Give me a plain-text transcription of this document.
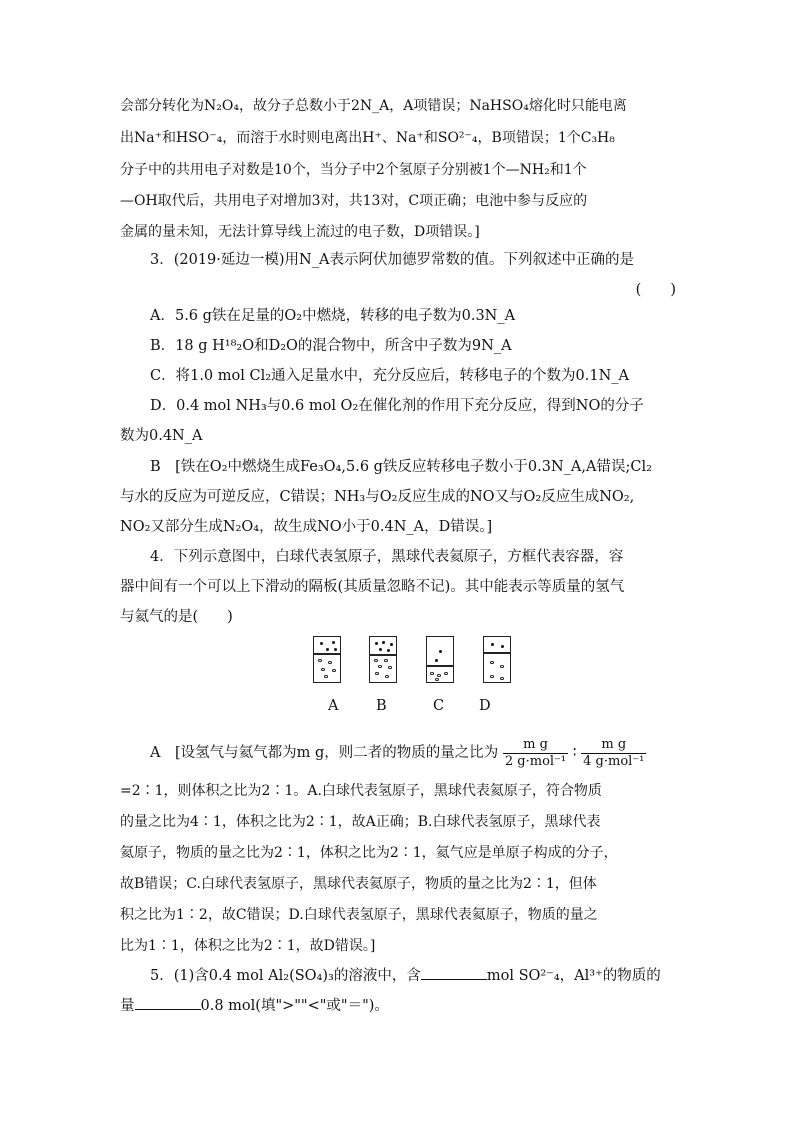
会部分转化为N₂O₄，故分子总数小于2N_A，A项错误；NaHSO₄熔化时只能电离
出Na⁺和HSO⁻₄，而溶于水时则电离出H⁺、Na⁺和SO²⁻₄，B项错误；1个C₃H₈
分子中的共用电子对数是10个，当分子中2个氢原子分别被1个—NH₂和1个
—OH取代后，共用电子对增加3对，共13对，C项正确；电池中参与反应的
金属的量未知，无法计算导线上流过的电子数，D项错误。]
3．(2019·延边一模)用N_A表示阿伏加德罗常数的值。下列叙述中正确的是
(　　)
A．5.6 g铁在足量的O₂中燃烧，转移的电子数为0.3N_A
B．18 g H¹⁸₂O和D₂O的混合物中，所含中子数为9N_A
C．将1.0 mol Cl₂通入足量水中，充分反应后，转移电子的个数为0.1N_A
D．0.4 mol NH₃与0.6 mol O₂在催化剂的作用下充分反应，得到NO的分子
数为0.4N_A
B　[铁在O₂中燃烧生成Fe₃O₄,5.6 g铁反应转移电子数小于0.3N_A,A错误;Cl₂
与水的反应为可逆反应，C错误；NH₃与O₂反应生成的NO又与O₂反应生成NO₂,
NO₂又部分生成N₂O₄，故生成NO小于0.4N_A，D错误。]
4．下列示意图中，白球代表氢原子，黑球代表氦原子，方框代表容器，容
器中间有一个可以上下滑动的隔板(其质量忽略不记)。其中能表示等质量的氢气
与氦气的是(　　)
A	B	C D
A　[设氢气与氦气都为m g，则二者的物质的量之比为 $\frac{\text{m g}}{\text{2 g·mol⁻¹}}$ ∶ $\frac{\text{m g}}{\text{4 g·mol⁻¹}}$
=2∶1，则体积之比为2∶1。A.白球代表氢原子，黑球代表氦原子，符合物质
的量之比为4∶1，体积之比为2∶1，故A正确；B.白球代表氢原子，黑球代表
氦原子，物质的量之比为2∶1，体积之比为2∶1，氦气应是单原子构成的分子，
故B错误；C.白球代表氢原子，黑球代表氦原子，物质的量之比为2∶1，但体
积之比为1∶2，故C错误；D.白球代表氢原子，黑球代表氦原子，物质的量之
比为1∶1，体积之比为2∶1，故D错误。]
5．(1)含0.4 mol Al₂(SO₄)₃的溶液中，含	mol SO²⁻₄，Al³⁺的物质的
量	0.8 mol(填">""<"或"＝")。
